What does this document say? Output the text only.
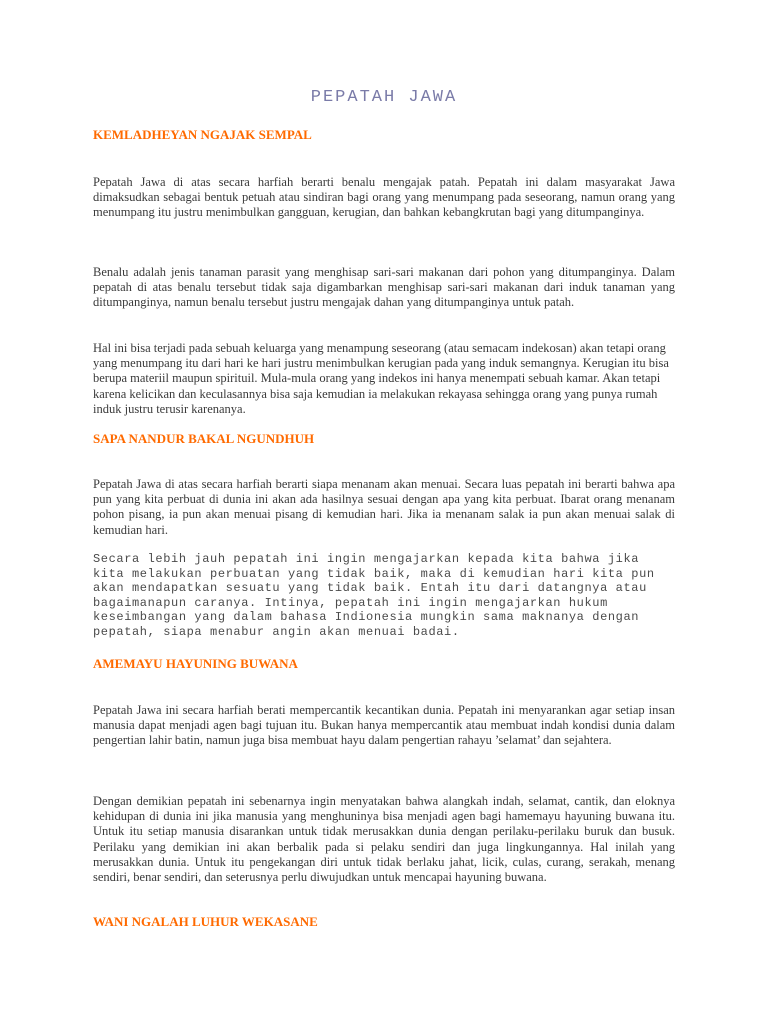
PEPATAH JAWA
KEMLADHEYAN NGAJAK SEMPAL
Pepatah Jawa di atas secara harfiah berarti benalu mengajak patah. Pepatah ini dalam masyarakat Jawa dimaksudkan sebagai bentuk petuah atau sindiran bagi orang yang menumpang pada seseorang, namun orang yang menumpang itu justru menimbulkan gangguan, kerugian, dan bahkan kebangkrutan bagi yang ditumpanginya.
Benalu adalah jenis tanaman parasit yang menghisap sari-sari makanan dari pohon yang ditumpanginya. Dalam pepatah di atas benalu tersebut tidak saja digambarkan menghisap sari-sari makanan dari induk tanaman yang ditumpanginya, namun benalu tersebut justru mengajak dahan yang ditumpanginya untuk patah.
Hal ini bisa terjadi pada sebuah keluarga yang menampung seseorang (atau semacam indekosan) akan tetapi orang yang menumpang itu dari hari ke hari justru menimbulkan kerugian pada yang induk semangnya. Kerugian itu bisa berupa materiil maupun spirituil. Mula-mula orang yang indekos ini hanya menempati sebuah kamar. Akan tetapi karena kelicikan dan keculasannya bisa saja kemudian ia melakukan rekayasa sehingga orang yang punya rumah induk justru terusir karenanya.
SAPA NANDUR BAKAL NGUNDHUH
Pepatah Jawa di atas secara harfiah berarti siapa menanam akan menuai. Secara luas pepatah ini berarti bahwa apa pun yang kita perbuat di dunia ini akan ada hasilnya sesuai dengan apa yang kita perbuat. Ibarat orang menanam pohon pisang, ia pun akan menuai pisang di kemudian hari. Jika ia menanam salak ia pun akan menuai salak di kemudian hari.
Secara lebih jauh pepatah ini ingin mengajarkan kepada kita bahwa jika kita melakukan perbuatan yang tidak baik, maka di kemudian hari kita pun akan mendapatkan sesuatu yang tidak baik. Entah itu dari datangnya atau bagaimanapun caranya. Intinya, pepatah ini ingin mengajarkan hukum keseimbangan yang dalam bahasa Indionesia mungkin sama maknanya dengan pepatah, siapa menabur angin akan menuai badai.
AMEMAYU HAYUNING BUWANA
Pepatah Jawa ini secara harfiah berati mempercantik kecantikan dunia. Pepatah ini menyarankan agar setiap insan manusia dapat menjadi agen bagi tujuan itu. Bukan hanya mempercantik atau membuat indah kondisi dunia dalam pengertian lahir batin, namun juga bisa membuat hayu dalam pengertian rahayu ’selamat’ dan sejahtera.
Dengan demikian pepatah ini sebenarnya ingin menyatakan bahwa alangkah indah, selamat, cantik, dan eloknya kehidupan di dunia ini jika manusia yang menghuninya bisa menjadi agen bagi hamemayu hayuning buwana itu. Untuk itu setiap manusia disarankan untuk tidak merusakkan dunia dengan perilaku-perilaku buruk dan busuk. Perilaku yang demikian ini akan berbalik pada si pelaku sendiri dan juga lingkungannya. Hal inilah yang merusakkan dunia. Untuk itu pengekangan diri untuk tidak berlaku jahat, licik, culas, curang, serakah, menang sendiri, benar sendiri, dan seterusnya perlu diwujudkan untuk mencapai hayuning buwana.
WANI NGALAH LUHUR WEKASANE
